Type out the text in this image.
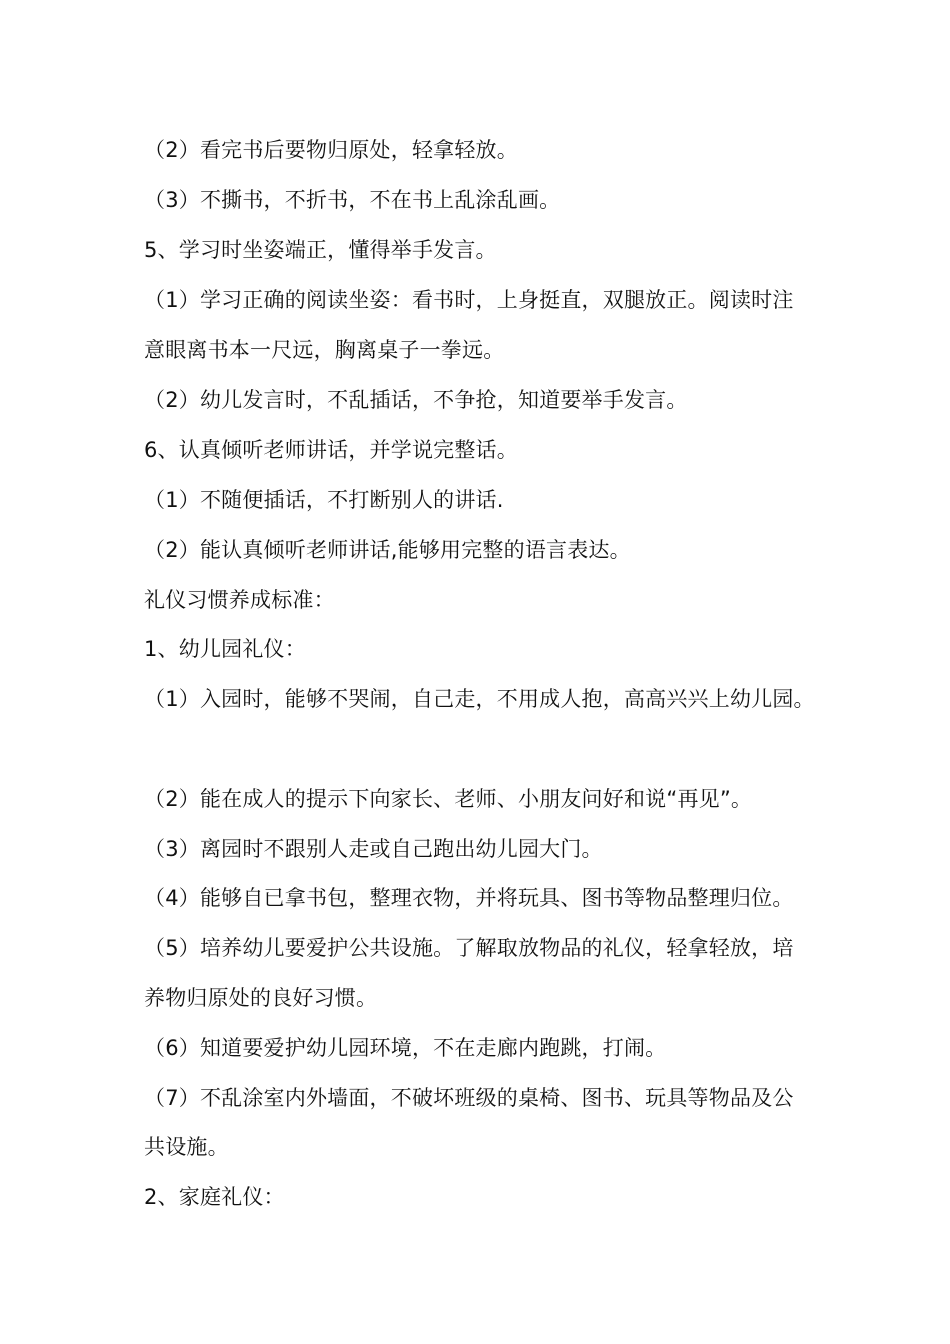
（2）看完书后要物归原处，轻拿轻放。
（3）不撕书，不折书，不在书上乱涂乱画。
5、学习时坐姿端正，懂得举手发言。
（1）学习正确的阅读坐姿：看书时，上身挺直，双腿放正。阅读时注
意眼离书本一尺远，胸离桌子一拳远。
（2）幼儿发言时，不乱插话，不争抢，知道要举手发言。
6、认真倾听老师讲话，并学说完整话。
（1）不随便插话，不打断别人的讲话.
（2）能认真倾听老师讲话,能够用完整的语言表达。
礼仪习惯养成标准：
1、幼儿园礼仪：
（1）入园时，能够不哭闹，自己走，不用成人抱，高高兴兴上幼儿园。
（2）能在成人的提示下向家长、老师、小朋友问好和说“再见”。
（3）离园时不跟别人走或自己跑出幼儿园大门。
（4）能够自已拿书包，整理衣物，并将玩具、图书等物品整理归位。
（5）培养幼儿要爱护公共设施。了解取放物品的礼仪，轻拿轻放，培
养物归原处的良好习惯。
（6）知道要爱护幼儿园环境，不在走廊内跑跳，打闹。
（7）不乱涂室内外墙面，不破坏班级的桌椅、图书、玩具等物品及公
共设施。
2、家庭礼仪：
